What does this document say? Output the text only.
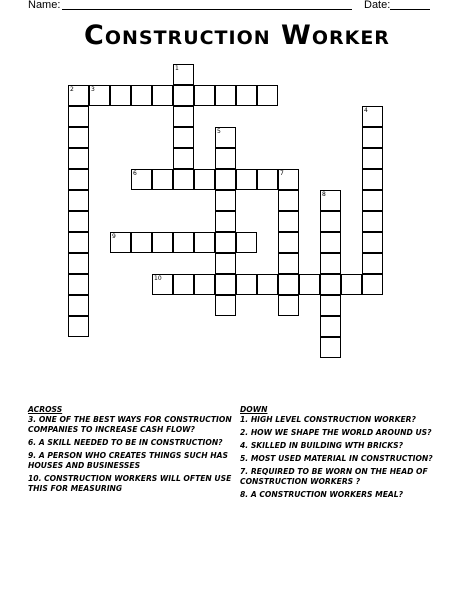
Name:	Date:
Construction Worker
1
2	3
4
5
6	7
8
9
10
ACROSS
3. ONE OF THE BEST WAYS FOR CONSTRUCTION COMPANIES TO INCREASE CASH FLOW?
6. A SKILL NEEDED TO BE IN CONSTRUCTION?
9. A PERSON WHO CREATES THINGS SUCH HAS HOUSES AND BUSINESSES
10. CONSTRUCTION WORKERS WILL OFTEN USE THIS FOR MEASURING
DOWN
1. HIGH LEVEL CONSTRUCTION WORKER?
2. HOW WE SHAPE THE WORLD AROUND US?
4. SKILLED IN BUILDING WTH BRICKS?
5. MOST USED MATERIAL IN CONSTRUCTION?
7. REQUIRED TO BE WORN ON THE HEAD OF CONSTRUCTION WORKERS ?
8. A CONSTRUCTION WORKERS MEAL?
